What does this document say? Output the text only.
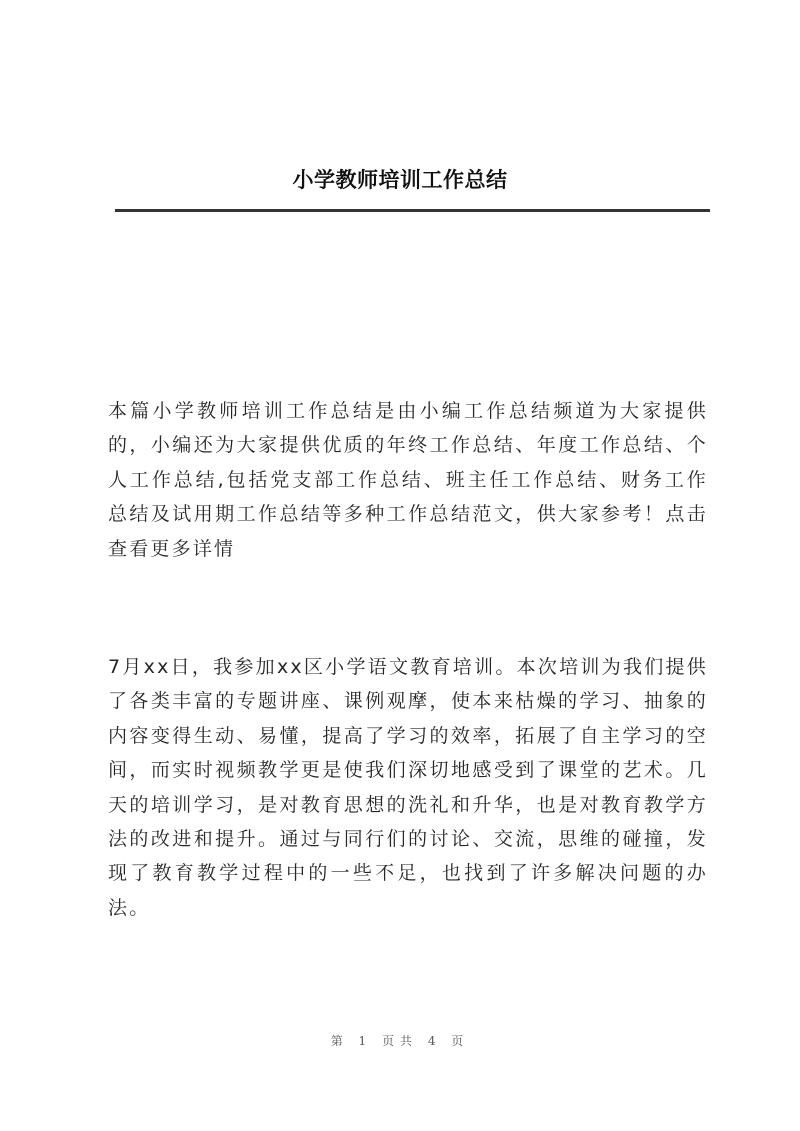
小学教师培训工作总结

本篇小学教师培训工作总结是由小编工作总结频道为大家提供的，小编还为大家提供优质的年终工作总结、年度工作总结、个人工作总结,包括党支部工作总结、班主任工作总结、财务工作总结及试用期工作总结等多种工作总结范文，供大家参考！点击查看更多详情

7月xx日，我参加xx区小学语文教育培训。本次培训为我们提供了各类丰富的专题讲座、课例观摩，使本来枯燥的学习、抽象的内容变得生动、易懂，提高了学习的效率，拓展了自主学习的空间，而实时视频教学更是使我们深切地感受到了课堂的艺术。几天的培训学习，是对教育思想的洗礼和升华，也是对教育教学方法的改进和提升。通过与同行们的讨论、交流，思维的碰撞，发现了教育教学过程中的一些不足，也找到了许多解决问题的办法。

第 1 页共 4 页
